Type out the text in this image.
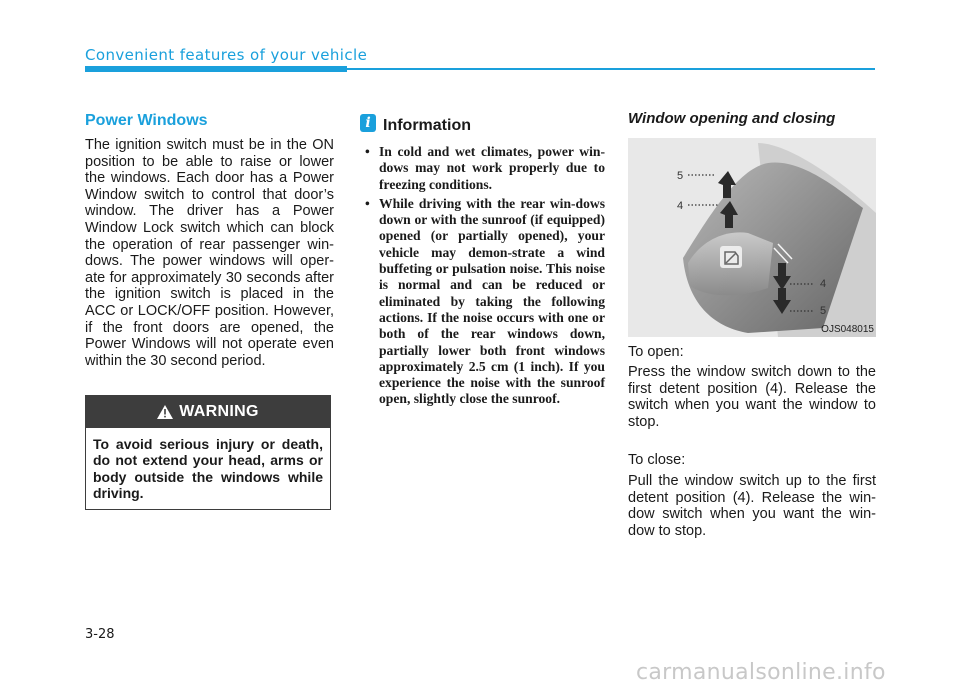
Convenient features of your vehicle
Power Windows
The ignition switch must be in the ON position to be able to raise or lower the windows. Each door has a Power Window switch to control that door’s window. The driver has a Power Window Lock switch which can block the operation of rear passenger win-dows. The power windows will oper-ate for approximately 30 seconds after the ignition switch is placed in the ACC or LOCK/OFF position. However, if the front doors are opened, the Power Windows will not operate even within the 30 second period.
WARNING
To avoid serious injury or death, do not extend your head, arms or body outside the windows while driving.
i Information
• In cold and wet climates, power win-dows may not work properly due to freezing conditions.
• While driving with the rear win-dows down or with the sunroof (if equipped) opened (or partially opened), your vehicle may demon-strate a wind buffeting or pulsation noise. This noise is normal and can be reduced or eliminated by taking the following actions. If the noise occurs with one or both of the rear windows down, partially lower both front windows approximately 2.5 cm (1 inch). If you experience the noise with the sunroof open, slightly close the sunroof.
Window opening and closing
5
4
4
5
OJS048015
To open:
Press the window switch down to the first detent position (4). Release the switch when you want the window to stop.
To close:
Pull the window switch up to the first detent position (4). Release the win-dow switch when you want the win-dow to stop.
3-28
carmanualsonline.info
